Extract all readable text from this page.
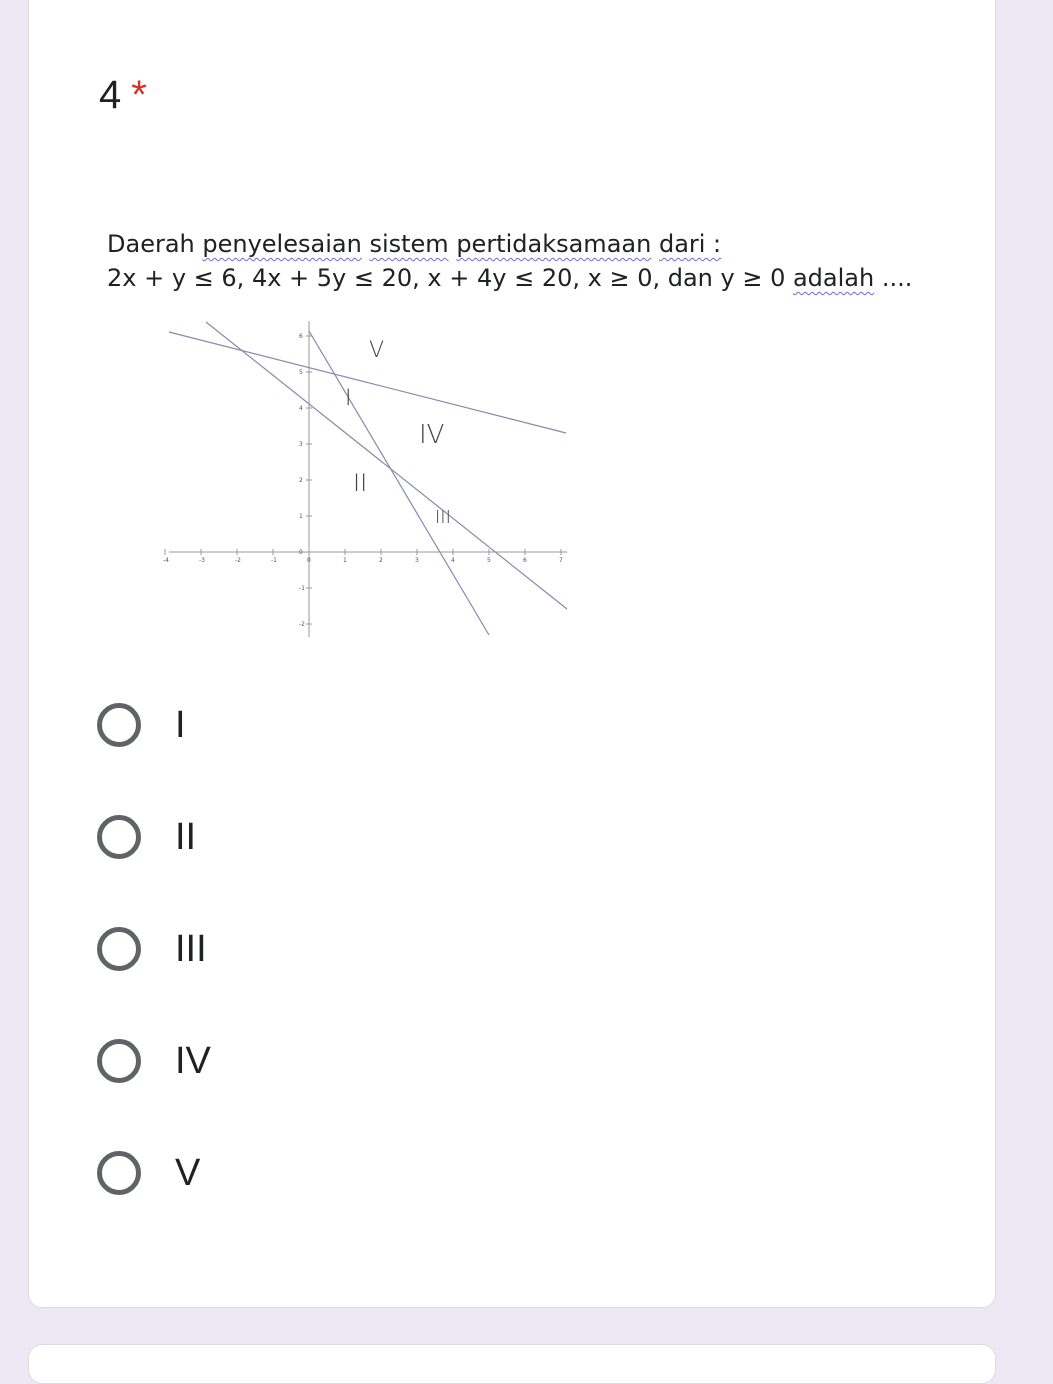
4 *
Daerah penyelesaian sistem pertidaksamaan dari :
2x + y ≤ 6, 4x + 5y ≤ 20, x + 4y ≤ 20, x ≥ 0, dan y ≥ 0 adalah ....
-4	-3	-2	-1	0	1	2	3	4	5	6	7
6
5
4
3
2
1
0
-1
-2
V
I
IV
II
III
I
II
III
IV
V
